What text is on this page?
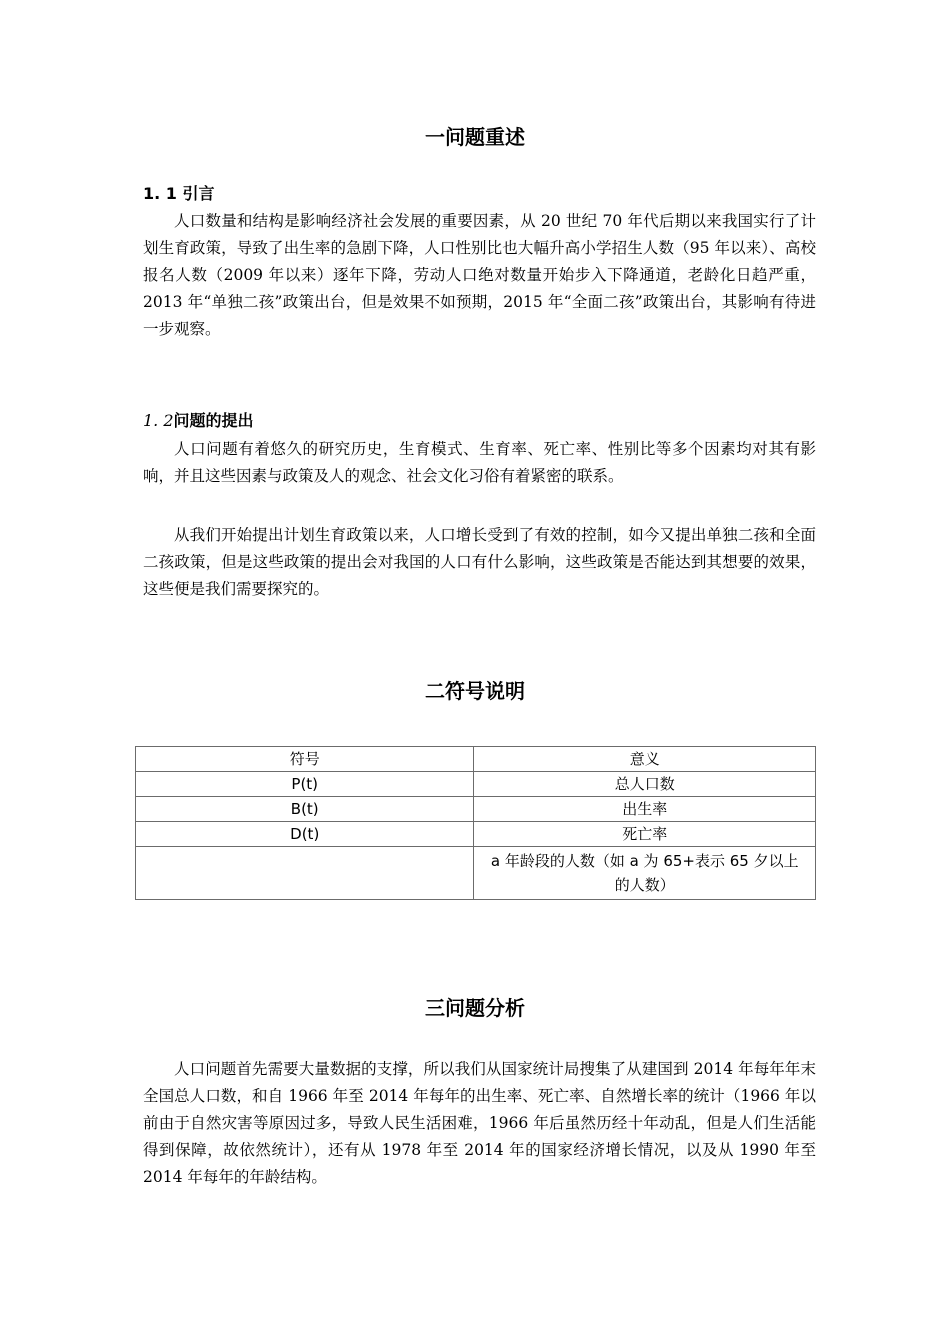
一问题重述
1. 1 引言

人口数量和结构是影响经济社会发展的重要因素，从 20 世纪 70 年代后期以来我国实行了计划生育政策，导致了出生率的急剧下降，人口性别比也大幅升高小学招生人数（95 年以来）、高校报名人数（2009 年以来）逐年下降，劳动人口绝对数量开始步入下降通道，老龄化日趋严重，2013 年“单独二孩”政策出台，但是效果不如预期，2015 年“全面二孩”政策出台，其影响有待进一步观察。

1. 2问题的提出

人口问题有着悠久的研究历史，生育模式、生育率、死亡率、性别比等多个因素均对其有影响，并且这些因素与政策及人的观念、社会文化习俗有着紧密的联系。

从我们开始提出计划生育政策以来，人口增长受到了有效的控制，如今又提出单独二孩和全面二孩政策，但是这些政策的提出会对我国的人口有什么影响，这些政策是否能达到其想要的效果，这些便是我们需要探究的。

二符号说明
符号	意义
P(t)	总人口数
B(t)	出生率
D(t)	死亡率
	a 年龄段的人数（如 a 为 65+表示 65 夕以上的人数）
三问题分析

人口问题首先需要大量数据的支撑，所以我们从国家统计局搜集了从建国到 2014 年每年年末全国总人口数，和自 1966 年至 2014 年每年的出生率、死亡率、自然增长率的统计（1966 年以前由于自然灾害等原因过多，导致人民生活困难，1966 年后虽然历经十年动乱，但是人们生活能得到保障，故依然统计），还有从 1978 年至 2014 年的国家经济增长情况，以及从 1990 年至 2014 年每年的年龄结构。
